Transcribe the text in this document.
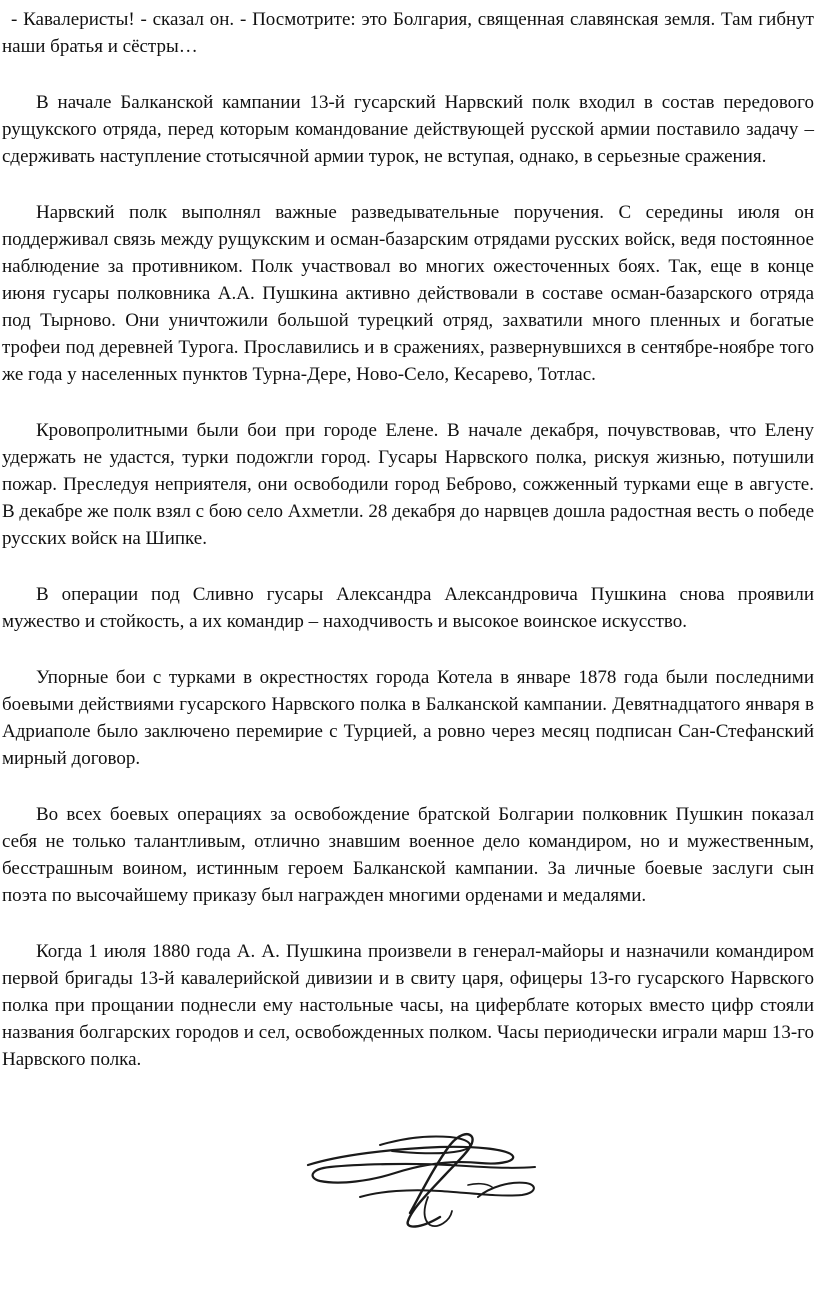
- Кавалеристы! - сказал он. - Посмотрите: это Болгария, священная славянская земля. Там гибнут наши братья и сёстры…

В начале Балканской кампании 13-й гусарский Нарвский полк входил в состав передового рущукского отряда, перед которым командование действующей русской армии поставило задачу – сдерживать наступление стотысячной армии турок, не вступая, однако, в серьезные сражения.

Нарвский полк выполнял важные разведывательные поручения. С середины июля он поддерживал связь между рущукским и осман-базарским отрядами русских войск, ведя постоянное наблюдение за противником. Полк участвовал во многих ожесточенных боях. Так, еще в конце июня гусары полковника А.А. Пушкина активно действовали в составе осман-базарского отряда под Тырново. Они уничтожили большой турецкий отряд, захватили много пленных и богатые трофеи под деревней Турога. Прославились и в сражениях, развернувшихся в сентябре-ноябре того же года у населенных пунктов Турна-Дере, Ново-Село, Кесарево, Тотлас.

Кровопролитными были бои при городе Елене. В начале декабря, почувствовав, что Елену удержать не удастся, турки подожгли город. Гусары Нарвского полка, рискуя жизнью, потушили пожар. Преследуя неприятеля, они освободили город Беброво, сожженный турками еще в августе. В декабре же полк взял с бою село Ахметли. 28 декабря до нарвцев дошла радостная весть о победе русских войск на Шипке.

В операции под Сливно гусары Александра Александровича Пушкина снова проявили мужество и стойкость, а их командир – находчивость и высокое воинское искусство.

Упорные бои с турками в окрестностях города Котела в январе 1878 года были последними боевыми действиями гусарского Нарвского полка в Балканской кампании. Девятнадцатого января в Адриаполе было заключено перемирие с Турцией, а ровно через месяц подписан Сан-Стефанский мирный договор.

Во всех боевых операциях за освобождение братской Болгарии полковник Пушкин показал себя не только талантливым, отлично знавшим военное дело командиром, но и мужественным, бесстрашным воином, истинным героем Балканской кампании. За личные боевые заслуги сын поэта по высочайшему приказу был награжден многими орденами и медалями.

Когда 1 июля 1880 года А. А. Пушкина произвели в генерал-майоры и назначили командиром первой бригады 13-й кавалерийской дивизии и в свиту царя, офицеры 13-го гусарского Нарвского полка при прощании поднесли ему настольные часы, на циферблате которых вместо цифр стояли названия болгарских городов и сел, освобожденных полком. Часы периодически играли марш 13-го Нарвского полка.
